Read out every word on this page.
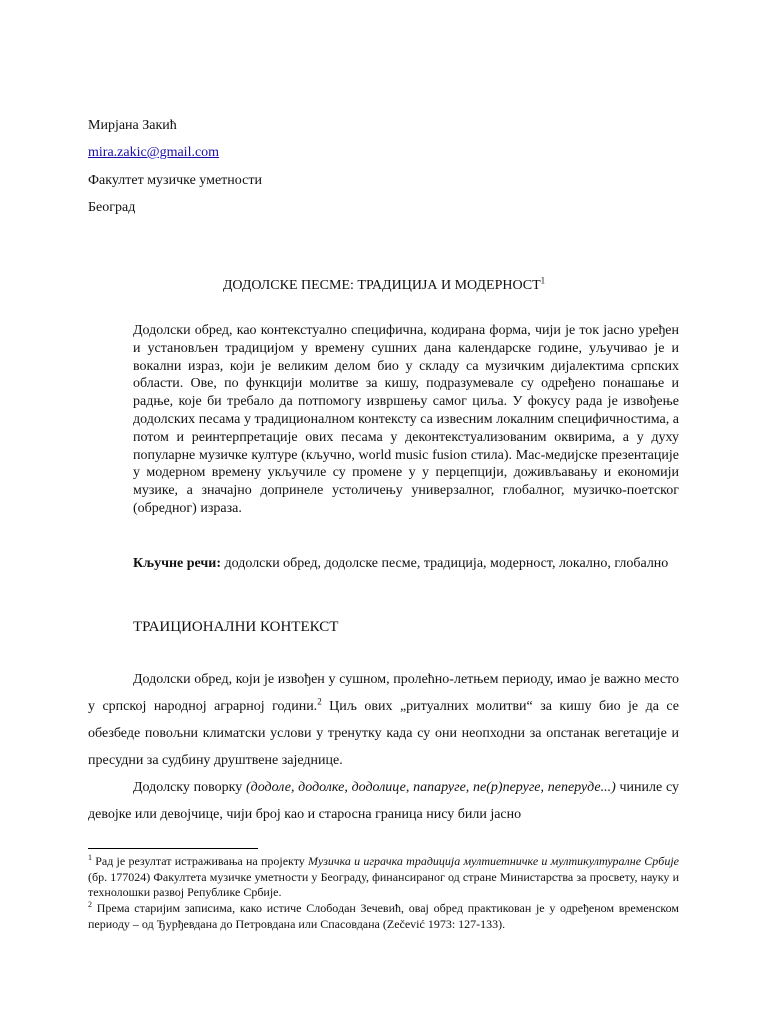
Мирјана Закић
mira.zakic@gmail.com
Факултет музичке уметности
Београд
ДОДОЛСКЕ ПЕСМЕ: ТРАДИЦИЈА И МОДЕРНОСТ$^1$

Додолски обред, као контекстуално специфична, кодирана форма, чији је ток јасно уређен и установљен традицијом у времену сушних дана календарске године, уључивао је и вокални израз, који је великим делом био у складу са музичким дијалектима српских области. Ове, по функцији молитве за кишу, подразумевале су одређено понашање и радње, које би требало да потпомогу извршењу самог циља. У фокусу рада је извођење додолских песама у традиционалном контексту са извесним локалним специфичностима, а потом и реинтерпретације ових песама у деконтекстуализованим оквирима, а у духу популарне музичке културе (кључно, world music fusion стила). Мас-медијске презентације у модерном времену укључиле су промене у у перцепцији, доживљавању и економији музике, а значајно допринеле устоличењу универзалног, глобалног, музичко-поетског (обредног) израза.

Кључне речи: додолски обред, додолске песме, традиција, модерност, локално, глобално

ТРАИЦИОНАЛНИ КОНТЕКСТ

Додолски обред, који је извођен у сушном, пролећно-летњем периоду, имао је важно место у српској народној аграрној години.$^2$ Циљ ових „ритуалних молитви“ за кишу био је да се обезбеде повољни климатски услови у тренутку када су они неопходни за опстанак вегетације и пресудни за судбину друштвене заједнице.

Додолску поворку (додоле, додолке, додолице, папаруге, пе(р)перуге, пеперуде...) чиниле су девојке или девојчице, чији број као и старосна граница нису били јасно

$^1$ Рад је резултат истраживања на пројекту Музичка и играчка традиција мултиетничке и мултикултуралне Србије (бр. 177024) Факултета музичке уметности у Београду, финансираног од стране Министарства за просвету, науку и технолошки развој Републике Србије.

$^2$ Према старијим записима, како истиче Слободан Зечевић, овај обред практикован је у одређеном временском периоду – од Ђурђевдана до Петровдана или Спасовдана (Zečević 1973: 127-133).
